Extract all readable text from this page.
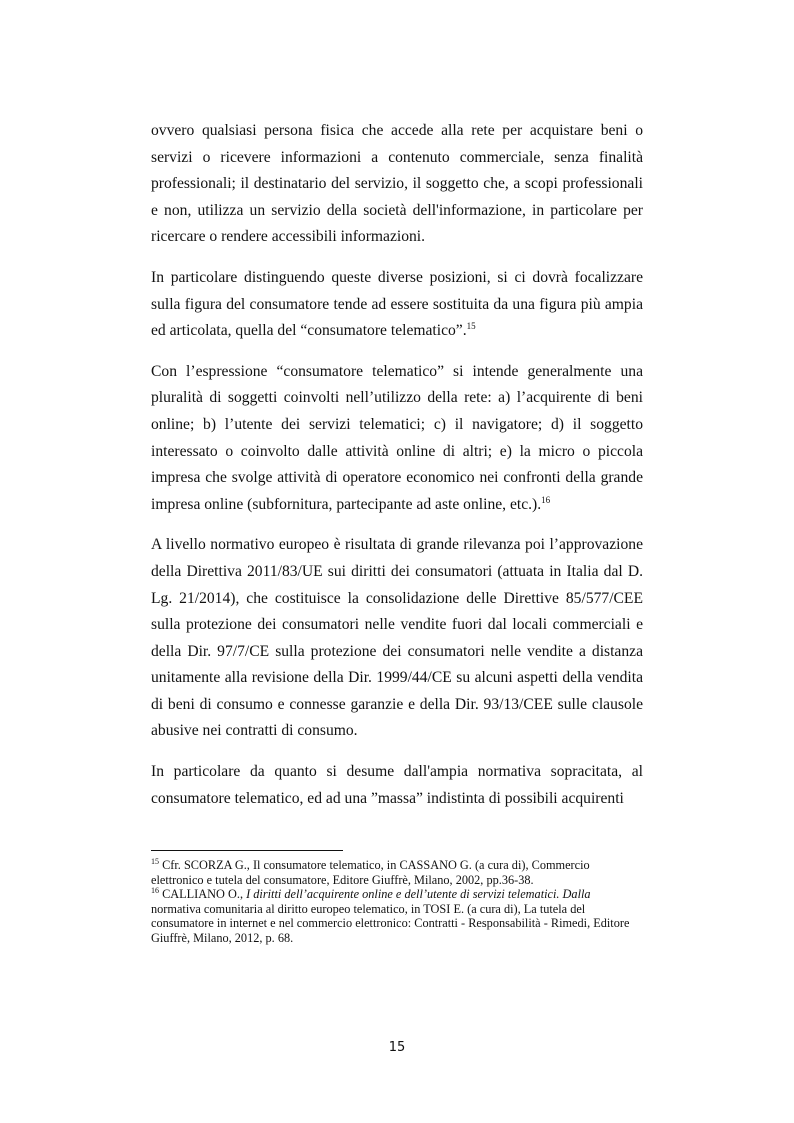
ovvero qualsiasi persona fisica che accede alla rete per acquistare beni o servizi o ricevere informazioni a contenuto commerciale, senza finalità professionali; il destinatario del servizio, il soggetto che, a scopi professionali e non, utilizza un servizio della società dell'informazione, in particolare per ricercare o rendere accessibili informazioni.

In particolare distinguendo queste diverse posizioni, si ci dovrà focalizzare sulla figura del consumatore tende ad essere sostituita da una figura più ampia ed articolata, quella del “consumatore telematico”.$^{15}$

Con l’espressione “consumatore telematico” si intende generalmente una pluralità di soggetti coinvolti nell’utilizzo della rete: a) l’acquirente di beni online; b) l’utente dei servizi telematici; c) il navigatore; d) il soggetto interessato o coinvolto dalle attività online di altri; e) la micro o piccola impresa che svolge attività di operatore economico nei confronti della grande impresa online (subfornitura, partecipante ad aste online, etc.).$^{16}$

A livello normativo europeo è risultata di grande rilevanza poi l’approvazione della Direttiva 2011/83/UE sui diritti dei consumatori (attuata in Italia dal D. Lg. 21/2014), che costituisce la consolidazione delle Direttive 85/577/CEE sulla protezione dei consumatori nelle vendite fuori dal locali commerciali e della Dir. 97/7/CE sulla protezione dei consumatori nelle vendite a distanza unitamente alla revisione della Dir. 1999/44/CE su alcuni aspetti della vendita di beni di consumo e connesse garanzie e della Dir. 93/13/CEE sulle clausole abusive nei contratti di consumo.

In particolare da quanto si desume dall'ampia normativa sopracitata, al consumatore telematico, ed ad una ”massa” indistinta di possibili acquirenti

$^{15}$ Cfr. SCORZA G., Il consumatore telematico, in CASSANO G. (a cura di), Commercio elettronico e tutela del consumatore, Editore Giuffrè, Milano, 2002, pp.36-38.

$^{16}$ CALLIANO O., I diritti dell’acquirente online e dell’utente di servizi telematici. Dalla normativa comunitaria al diritto europeo telematico, in TOSI E. (a cura di), La tutela del consumatore in internet e nel commercio elettronico: Contratti - Responsabilità - Rimedi, Editore Giuffrè, Milano, 2012, p. 68.

15
